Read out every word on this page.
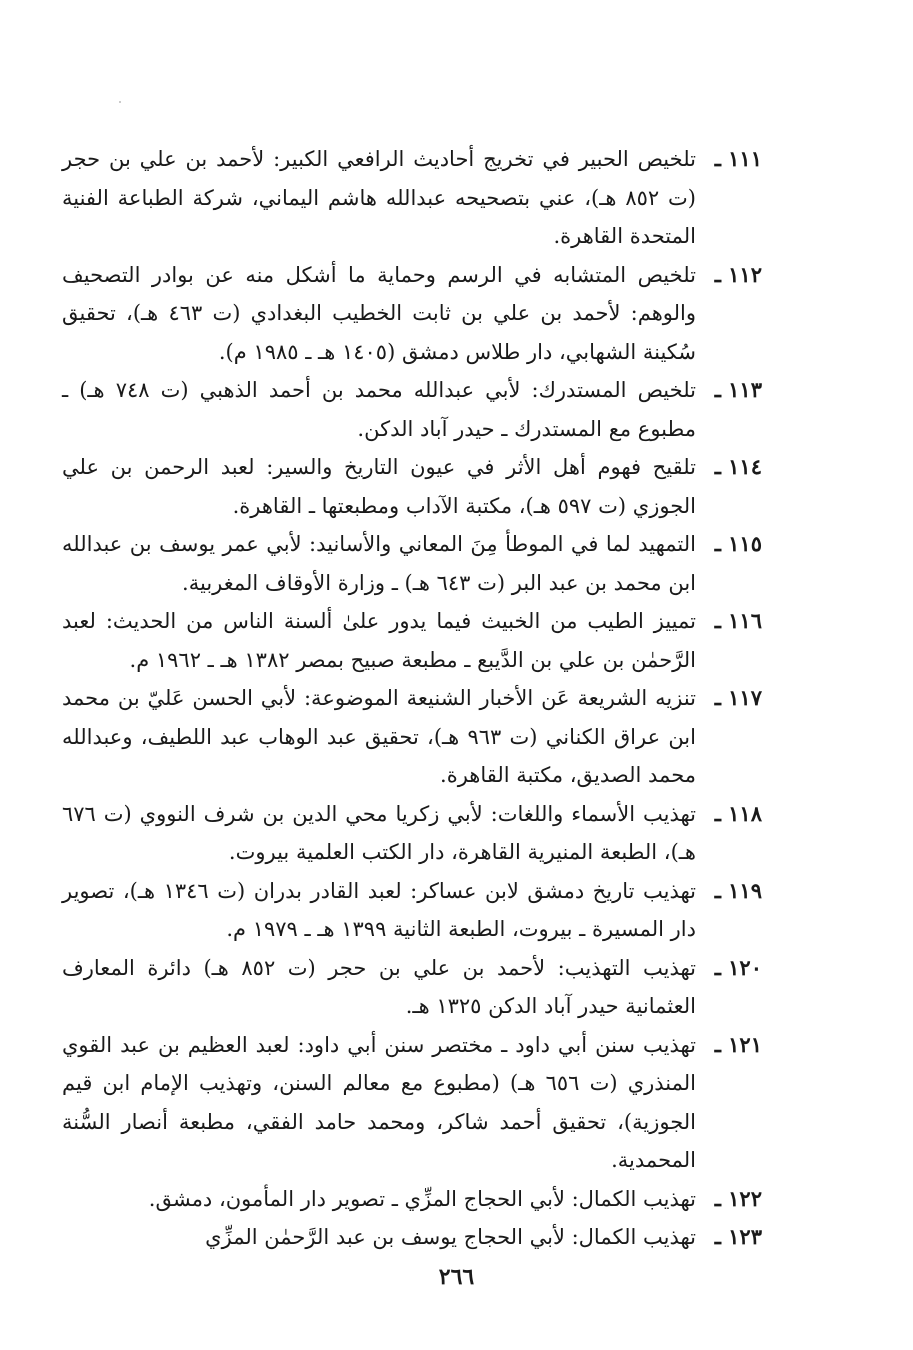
١١١ ـ
تلخيص الحبير في تخريج أحاديث الرافعي الكبير: لأحمد بن علي بن حجر (ت ٨٥٢ هـ)، عني بتصحيحه عبدالله هاشم اليماني، شركة الطباعة الفنية المتحدة القاهرة.
١١٢ ـ
تلخيص المتشابه في الرسم وحماية ما أشكل منه عن بوادر التصحيف والوهم: لأحمد بن علي بن ثابت الخطيب البغدادي (ت ٤٦٣ هـ)، تحقيق سُكينة الشهابي، دار طلاس دمشق (١٤٠٥ هـ ـ ١٩٨٥ م).
١١٣ ـ
تلخيص المستدرك: لأبي عبدالله محمد بن أحمد الذهبي (ت ٧٤٨ هـ) ـ مطبوع مع المستدرك ـ حيدر آباد الدكن.
١١٤ ـ
تلقيح فهوم أهل الأثر في عيون التاريخ والسير: لعبد الرحمن بن علي الجوزي (ت ٥٩٧ هـ)، مكتبة الآداب ومطبعتها ـ القاهرة.
١١٥ ـ
التمهيد لما في الموطأ مِنَ المعاني والأسانيد: لأبي عمر يوسف بن عبدالله ابن محمد بن عبد البر (ت ٦٤٣ هـ) ـ وزارة الأوقاف المغربية.
١١٦ ـ
تمييز الطيب من الخبيث فيما يدور علىٰ ألسنة الناس من الحديث: لعبد الرَّحمٰن بن علي بن الدَّيبع ـ مطبعة صبيح بمصر ١٣٨٢ هـ ـ ١٩٦٢ م.
١١٧ ـ
تنزيه الشريعة عَن الأخبار الشنيعة الموضوعة: لأبي الحسن عَليّ بن محمد ابن عراق الكناني (ت ٩٦٣ هـ)، تحقيق عبد الوهاب عبد اللطيف، وعبدالله محمد الصديق، مكتبة القاهرة.
١١٨ ـ
تهذيب الأسماء واللغات: لأبي زكريا محي الدين بن شرف النووي (ت ٦٧٦ هـ)، الطبعة المنيرية القاهرة، دار الكتب العلمية بيروت.
١١٩ ـ
تهذيب تاريخ دمشق لابن عساكر: لعبد القادر بدران (ت ١٣٤٦ هـ)، تصوير دار المسيرة ـ بيروت، الطبعة الثانية ١٣٩٩ هـ ـ ١٩٧٩ م.
١٢٠ ـ
تهذيب التهذيب: لأحمد بن علي بن حجر (ت ٨٥٢ هـ) دائرة المعارف العثمانية حيدر آباد الدكن ١٣٢٥ هـ.
١٢١ ـ
تهذيب سنن أبي داود ـ مختصر سنن أبي داود: لعبد العظيم بن عبد القوي المنذري (ت ٦٥٦ هـ) (مطبوع مع معالم السنن، وتهذيب الإمام ابن قيم الجوزية)، تحقيق أحمد شاكر، ومحمد حامد الفقي، مطبعة أنصار السُّنة المحمدية.
١٢٢ ـ
تهذيب الكمال: لأبي الحجاج المزِّي ـ تصوير دار المأمون، دمشق.
١٢٣ ـ
تهذيب الكمال: لأبي الحجاج يوسف بن عبد الرَّحمٰن المزِّي
٢٦٦
